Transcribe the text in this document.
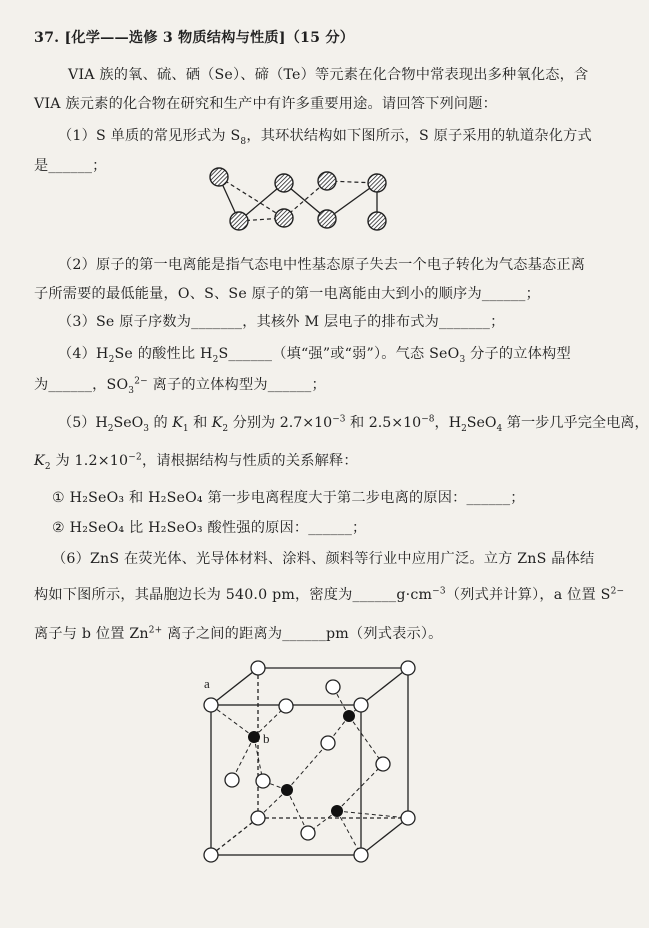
37. [化学——选修 3 物质结构与性质]（15 分）
VIA 族的氧、硫、硒（Se）、碲（Te）等元素在化合物中常表现出多种氧化态，含
VIA 族元素的化合物在研究和生产中有许多重要用途。请回答下列问题：
（1）S 单质的常见形式为 $S_8$，其环状结构如下图所示，S 原子采用的轨道杂化方式
是______；
（2）原子的第一电离能是指气态电中性基态原子失去一个电子转化为气态基态正离
子所需要的最低能量，O、S、Se 原子的第一电离能由大到小的顺序为______；
（3）Se 原子序数为_______，其核外 M 层电子的排布式为_______；
$(4)H_2Se$ 的酸性比 $H_2S\_\_\_\_\_\_$（填“强”或“弱”）。气态 SeO$_3$ 分子的立体构型
为______，$SO_3^{2-}$ 离子的立体构型为______；
$(5)H_2SeO_3$ 的 $K_1$ 和 $K_2$ 分别为 $2.7\times 10^{-3}$ 和 $2.5\times 10^{-8}$，$H_2SeO_4$ 第一步几乎完全电离，
$K_2$ 为 $1.2\times 10^{-2}$，请根据结构与性质的关系解释：
① H₂SeO₃ 和 H₂SeO₄ 第一步电离程度大于第二步电离的原因：______；
② H₂SeO₄ 比 H₂SeO₃ 酸性强的原因：______；
（6）ZnS 在荧光体、光导体材料、涂料、颜料等行业中应用广泛。立方 ZnS 晶体结
构如下图所示，其晶胞边长为 540.0 pm，密度为$\_\_\_\_\_\_g\cdot cm^{-3}$（列式并计算），a 位置 $S^{2-}$
离子与 b 位置 $Zn^{2+}$ 离子之间的距离为______pm（列式表示）。
a
b
